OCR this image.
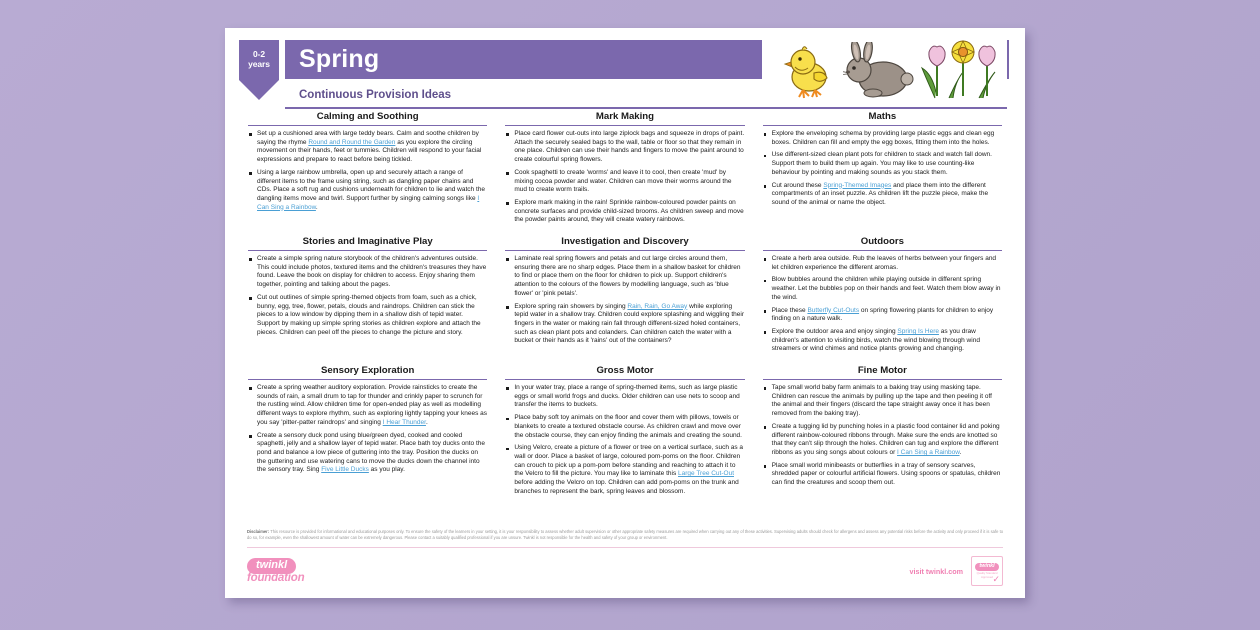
0-2
years	Spring
Continuous Provision Ideas
Calming and Soothing
Set up a cushioned area with large teddy bears. Calm and soothe children by saying the rhyme Round and Round the Garden as you explore the circling movement on their hands, feet or tummies. Children will respond to your facial expressions and prepare to react before being tickled.
Using a large rainbow umbrella, open up and securely attach a range of different items to the frame using string, such as dangling paper chains and CDs. Place a soft rug and cushions underneath for children to lie and watch the dangling items move and twirl. Support further by singing calming songs like I Can Sing a Rainbow.
Mark Making
Place card flower cut-outs into large ziplock bags and squeeze in drops of paint. Attach the securely sealed bags to the wall, table or floor so that they remain in one place. Children can use their hands and fingers to move the paint around to create colourful spring flowers.
Cook spaghetti to create 'worms' and leave it to cool, then create 'mud' by mixing cocoa powder and water. Children can move their worms around the mud to create worm trails.
Explore mark making in the rain! Sprinkle rainbow-coloured powder paints on concrete surfaces and provide child-sized brooms. As children sweep and move the powder paints around, they will create watery rainbows.
Maths
Explore the enveloping schema by providing large plastic eggs and clean egg boxes. Children can fill and empty the egg boxes, fitting them into the holes.
Use different-sized clean plant pots for children to stack and watch fall down. Support them to build them up again. You may like to use counting-like behaviour by pointing and making sounds as you stack them.
Cut around these Spring-Themed Images and place them into the different compartments of an inset puzzle. As children lift the puzzle piece, make the sound of the animal or name the object.
Stories and Imaginative Play
Create a simple spring nature storybook of the children's adventures outside. This could include photos, textured items and the children's treasures they have found. Leave the book on display for children to access. Enjoy sharing them together, pointing and talking about the pages.
Cut out outlines of simple spring-themed objects from foam, such as a chick, bunny, egg, tree, flower, petals, clouds and raindrops. Children can stick the pieces to a low window by dipping them in a shallow dish of tepid water. Support by making up simple spring stories as children explore and attach the pieces. Children can peel off the pieces to change the picture and story.
Investigation and Discovery
Laminate real spring flowers and petals and cut large circles around them, ensuring there are no sharp edges. Place them in a shallow basket for children to find or place them on the floor for children to pick up. Support children's attention to the colours of the flowers by modelling language, such as 'blue flower' or 'pink petals'.
Explore spring rain showers by singing Rain, Rain, Go Away while exploring tepid water in a shallow tray. Children could explore splashing and wiggling their fingers in the water or making rain fall through different-sized holed containers, such as clean plant pots and colanders. Can children catch the water with a bucket or their hands as it 'rains' out of the containers?
Outdoors
Create a herb area outside. Rub the leaves of herbs between your fingers and let children experience the different aromas.
Blow bubbles around the children while playing outside in different spring weather. Let the bubbles pop on their hands and feet. Watch them blow away in the wind.
Place these Butterfly Cut-Outs on spring flowering plants for children to enjoy finding on a nature walk.
Explore the outdoor area and enjoy singing Spring Is Here as you draw children's attention to visiting birds, watch the wind blowing through wind streamers or wind chimes and notice plants growing and changing.
Sensory Exploration
Create a spring weather auditory exploration. Provide rainsticks to create the sounds of rain, a small drum to tap for thunder and crinkly paper to scrunch for the rustling wind. Allow children time for open-ended play as well as modelling different ways to explore rhythm, such as exploring lightly tapping your knees as you say 'pitter-patter raindrops' and singing I Hear Thunder.
Create a sensory duck pond using blue/green dyed, cooked and cooled spaghetti, jelly and a shallow layer of tepid water. Place bath toy ducks onto the pond and balance a low piece of guttering into the tray. Position the ducks on the guttering and use watering cans to move the ducks down the channel into the sensory tray. Sing Five Little Ducks as you play.
Gross Motor
In your water tray, place a range of spring-themed items, such as large plastic eggs or small world frogs and ducks. Older children can use nets to scoop and transfer the items to buckets.
Place baby soft toy animals on the floor and cover them with pillows, towels or blankets to create a textured obstacle course. As children crawl and move over the obstacle course, they can enjoy finding the animals and creating the sound.
Using Velcro, create a picture of a flower or tree on a vertical surface, such as a wall or door. Place a basket of large, coloured pom-poms on the floor. Children can crouch to pick up a pom-pom before standing and reaching to attach it to the Velcro to fill the picture. You may like to laminate this Large Tree Cut-Out before adding the Velcro on top. Children can add pom-poms on the trunk and branches to represent the bark, spring leaves and blossom.
Fine Motor
Tape small world baby farm animals to a baking tray using masking tape. Children can rescue the animals by pulling up the tape and then peeling it off the animal and their fingers (discard the tape straight away once it has been removed from the baking tray).
Create a tugging lid by punching holes in a plastic food container lid and poking different rainbow-coloured ribbons through. Make sure the ends are knotted so that they can't slip through the holes. Children can tug and explore the different ribbons as you sing songs about colours or I Can Sing a Rainbow.
Place small world minibeasts or butterflies in a tray of sensory scarves, shredded paper or colourful artificial flowers. Using spoons or spatulas, children can find the creatures and scoop them out.
Disclaimer: This resource is provided for informational and educational purposes only. To ensure the safety of the learners in your setting, it is your responsibility to assess whether adult supervision or other appropriate safety measures are required when carrying out any of these activities. Supervising adults should check for allergens and assess any potential risks before the activity and only proceed if it is safe to do so, for example, even the shallowest amount of water can be extremely dangerous. Please contact a suitably qualified professional if you are unsure. Twinkl is not responsible for the health and safety of your group or environment.
twinkl
foundation
visit twinkl.com
twinkl
Quality Standard Approved ✓
